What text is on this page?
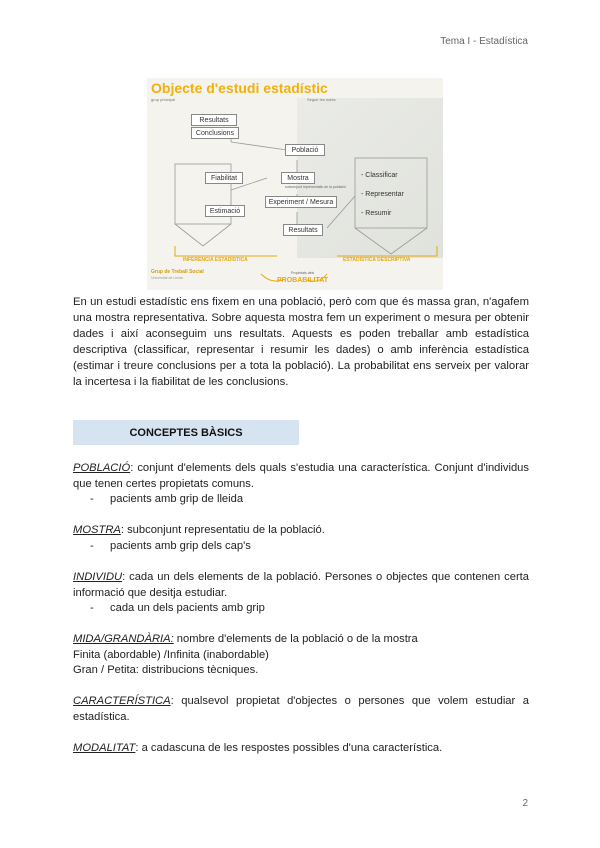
Tema I - Estadística
Objecte d'estudi estadístic
grup principal	Seguir les notes
Resultats
Conclusions
Població
Fiabilitat	Mostra
subconjunt representatiu de la població
Estimació
Experiment / Mesura
Resultats
- Classificar
- Representar
- Resumir
INFERÈNCIA ESTADÍSTICA	ESTADÍSTICA DESCRIPTIVA
Grup de Treball Social
Universitat de Lleida
Propietats dels
PROBABILITAT
En un estudi estadístic ens fixem en una població, però com que és massa gran, n'agafem una mostra representativa. Sobre aquesta mostra fem un experiment o mesura per obtenir dades i així aconseguim uns resultats. Aquests es poden treballar amb estadística descriptiva (classificar, representar i resumir les dades) o amb inferència estadística (estimar i treure conclusions per a tota la població). La probabilitat ens serveix per valorar la incertesa i la fiabilitat de les conclusions.
CONCEPTES BÀSICS
POBLACIÓ: conjunt d'elements dels quals s'estudia una característica. Conjunt d'individus que tenen certes propietats comuns.
- pacients amb grip de lleida
MOSTRA: subconjunt representatiu de la població.
- pacients amb grip dels cap's
INDIVIDU: cada un dels elements de la població. Persones o objectes que contenen certa informació que desitja estudiar.
- cada un dels pacients amb grip
MIDA/GRANDÀRIA: nombre d'elements de la població o de la mostra
Finita (abordable) /Infinita (inabordable)
Gran / Petita: distribucions tècniques.
CARACTERÍSTICA: qualsevol propietat d'objectes o persones que volem estudiar a estadística.
MODALITAT: a cadascuna de les respostes possibles d'una característica.
2
